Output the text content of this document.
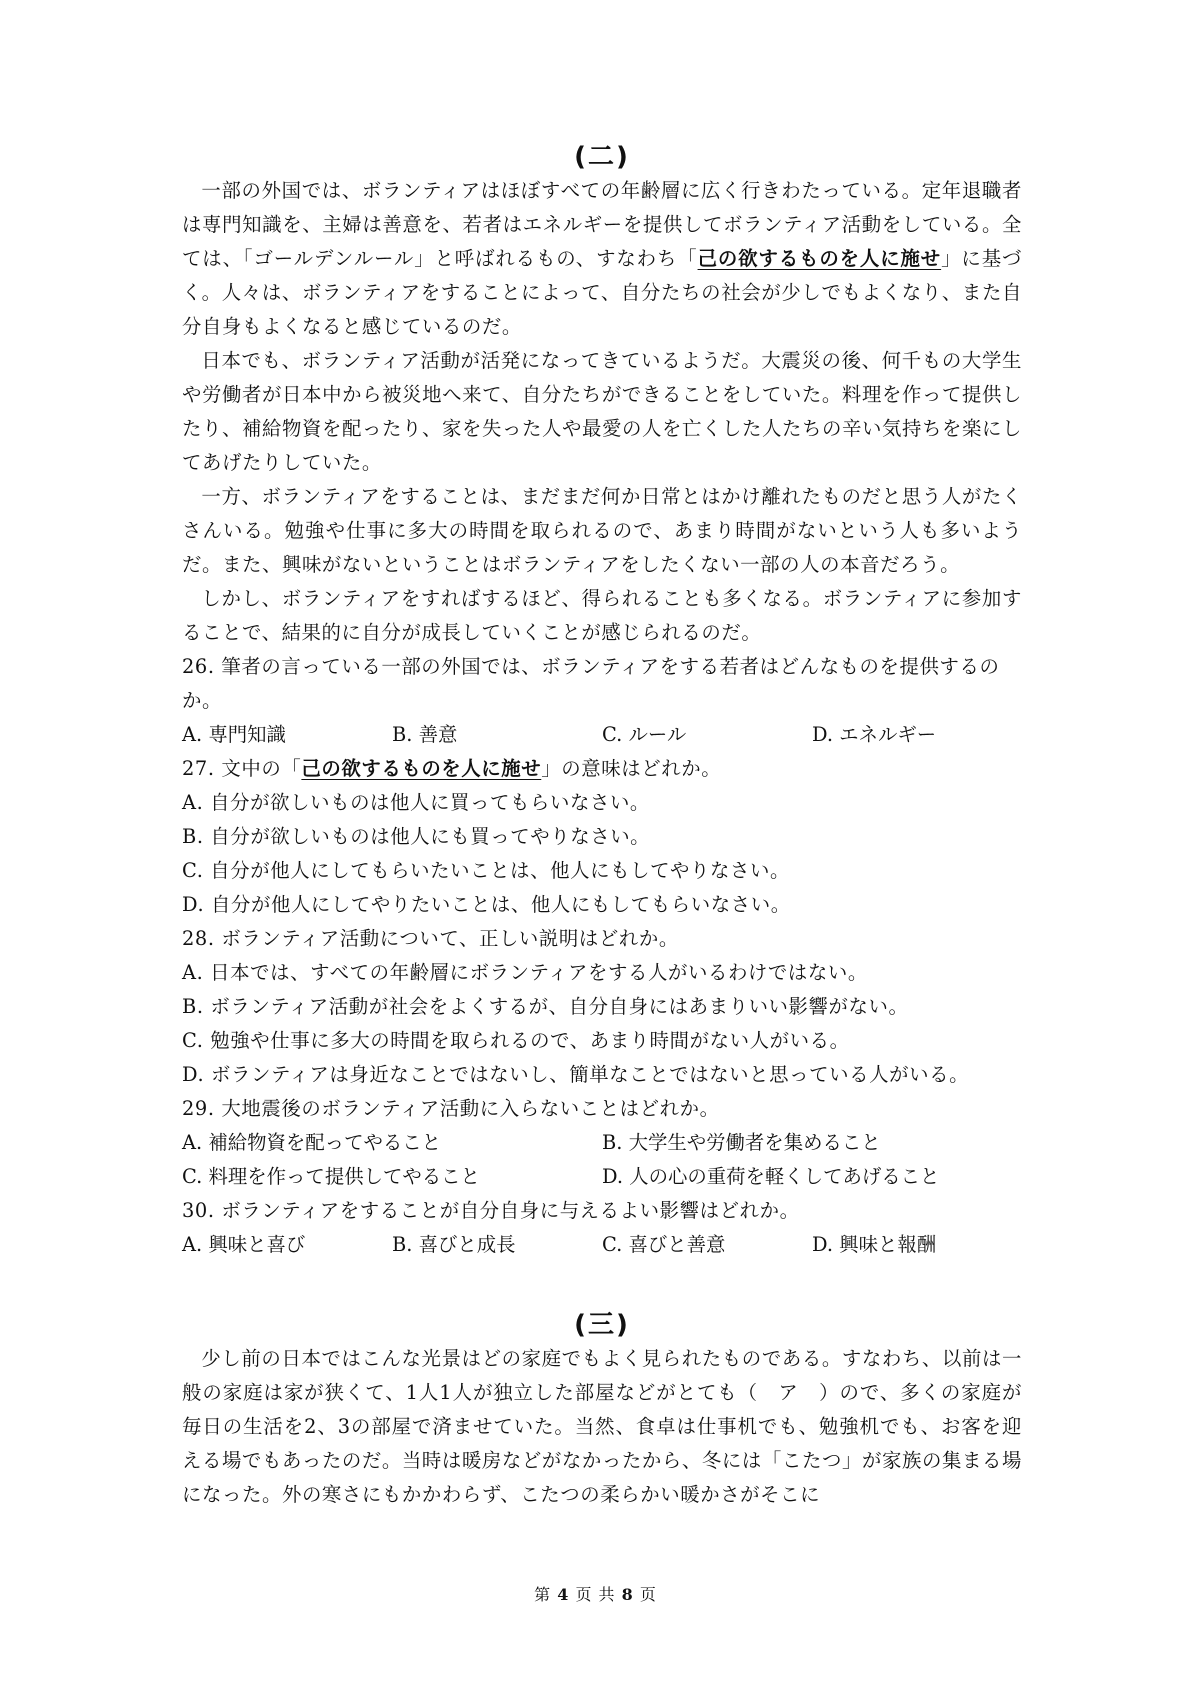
(二)

一部の外国では、ボランティアはほぼすべての年齢層に広く行きわたっている。定年退職者は専門知識を、主婦は善意を、若者はエネルギーを提供してボランティア活動をしている。全ては、「ゴールデンルール」と呼ばれるもの、すなわち「己の欲するものを人に施せ」に基づく。人々は、ボランティアをすることによって、自分たちの社会が少しでもよくなり、また自分自身もよくなると感じているのだ。

日本でも、ボランティア活動が活発になってきているようだ。大震災の後、何千もの大学生や労働者が日本中から被災地へ来て、自分たちができることをしていた。料理を作って提供したり、補給物資を配ったり、家を失った人や最愛の人を亡くした人たちの辛い気持ちを楽にしてあげたりしていた。

一方、ボランティアをすることは、まだまだ何か日常とはかけ離れたものだと思う人がたくさんいる。勉強や仕事に多大の時間を取られるので、あまり時間がないという人も多いようだ。また、興味がないということはボランティアをしたくない一部の人の本音だろう。

しかし、ボランティアをすればするほど、得られることも多くなる。ボランティアに参加することで、結果的に自分が成長していくことが感じられるのだ。

26. 筆者の言っている一部の外国では、ボランティアをする若者はどんなものを提供するのか。

A. 専門知識	B. 善意	C. ルール	D. エネルギー

27. 文中の「己の欲するものを人に施せ」の意味はどれか。

A. 自分が欲しいものは他人に買ってもらいなさい。

B. 自分が欲しいものは他人にも買ってやりなさい。

C. 自分が他人にしてもらいたいことは、他人にもしてやりなさい。

D. 自分が他人にしてやりたいことは、他人にもしてもらいなさい。

28. ボランティア活動について、正しい説明はどれか。

A. 日本では、すべての年齢層にボランティアをする人がいるわけではない。

B. ボランティア活動が社会をよくするが、自分自身にはあまりいい影響がない。

C. 勉強や仕事に多大の時間を取られるので、あまり時間がない人がいる。

D. ボランティアは身近なことではないし、簡単なことではないと思っている人がいる。

29. 大地震後のボランティア活動に入らないことはどれか。

A. 補給物資を配ってやること	B. 大学生や労働者を集めること
C. 料理を作って提供してやること	D. 人の心の重荷を軽くしてあげること

30. ボランティアをすることが自分自身に与えるよい影響はどれか。

A. 興味と喜び	B. 喜びと成長	C. 喜びと善意	D. 興味と報酬
(三)

少し前の日本ではこんな光景はどの家庭でもよく見られたものである。すなわち、以前は一般の家庭は家が狭くて、1人1人が独立した部屋などがとても（　ア　）ので、多くの家庭が毎日の生活を2、3の部屋で済ませていた。当然、食卓は仕事机でも、勉強机でも、お客を迎える場でもあったのだ。当時は暖房などがなかったから、冬には「こたつ」が家族の集まる場になった。外の寒さにもかかわらず、こたつの柔らかい暖かさがそこに

第 4 页 共 8 页
